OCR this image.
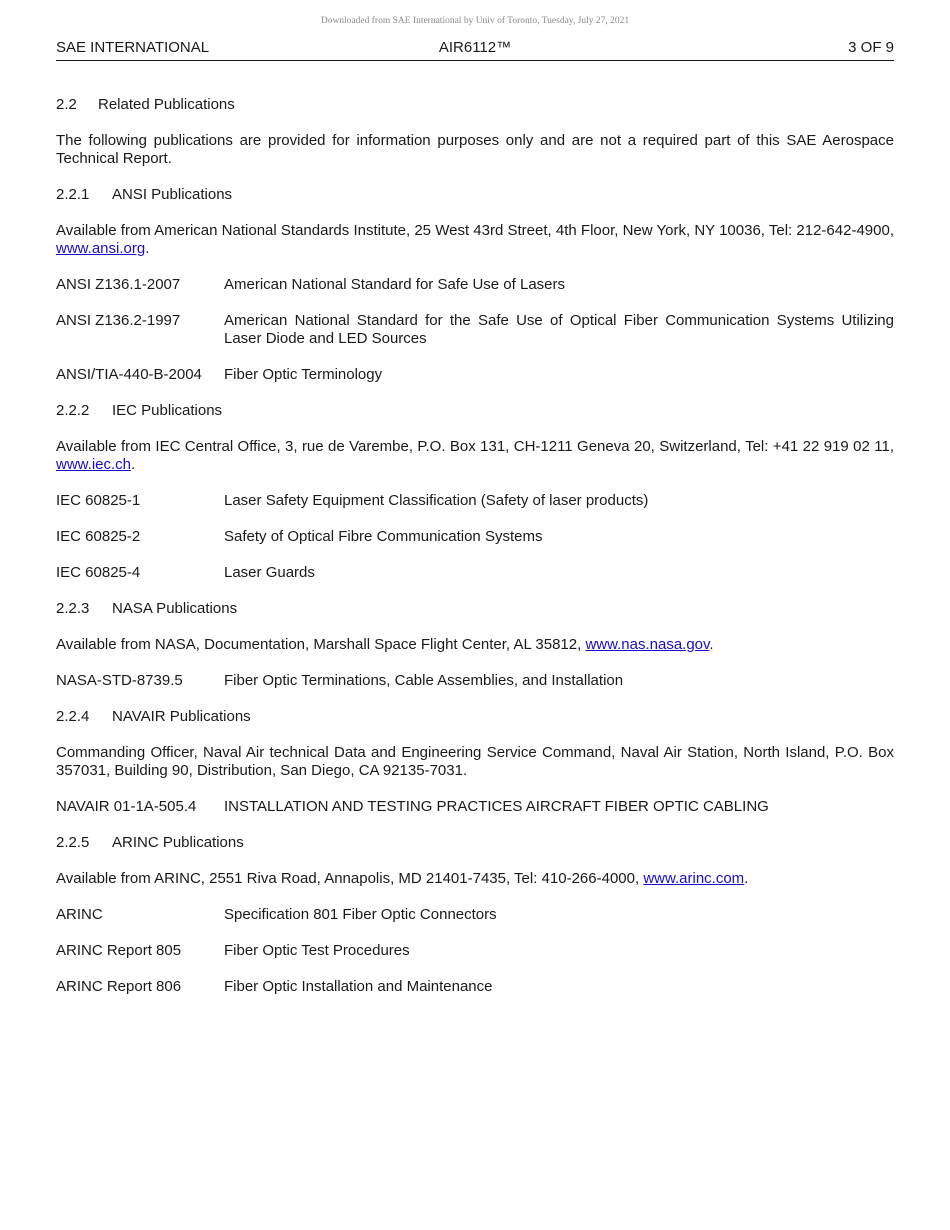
Downloaded from SAE International by Univ of Toronto, Tuesday, July 27, 2021
SAE INTERNATIONAL	AIR6112™	3 OF 9

2.2 Related Publications

The following publications are provided for information purposes only and are not a required part of this SAE Aerospace Technical Report.

2.2.1 ANSI Publications

Available from American National Standards Institute, 25 West 43rd Street, 4th Floor, New York, NY 10036, Tel: 212-642-4900, www.ansi.org.

ANSI Z136.1-2007	American National Standard for Safe Use of Lasers
ANSI Z136.2-1997	American National Standard for the Safe Use of Optical Fiber Communication Systems Utilizing Laser Diode and LED Sources
ANSI/TIA-440-B-2004	Fiber Optic Terminology

2.2.2 IEC Publications

Available from IEC Central Office, 3, rue de Varembe, P.O. Box 131, CH-1211 Geneva 20, Switzerland, Tel: +41 22 919 02 11, www.iec.ch.

IEC 60825-1	Laser Safety Equipment Classification (Safety of laser products)
IEC 60825-2	Safety of Optical Fibre Communication Systems
IEC 60825-4	Laser Guards

2.2.3 NASA Publications

Available from NASA, Documentation, Marshall Space Flight Center, AL 35812, www.nas.nasa.gov.

NASA-STD-8739.5	Fiber Optic Terminations, Cable Assemblies, and Installation

2.2.4 NAVAIR Publications

Commanding Officer, Naval Air technical Data and Engineering Service Command, Naval Air Station, North Island, P.O. Box 357031, Building 90, Distribution, San Diego, CA 92135-7031.

NAVAIR 01-1A-505.4	INSTALLATION AND TESTING PRACTICES AIRCRAFT FIBER OPTIC CABLING

2.2.5 ARINC Publications

Available from ARINC, 2551 Riva Road, Annapolis, MD 21401-7435, Tel: 410-266-4000, www.arinc.com.

ARINC	Specification 801 Fiber Optic Connectors
ARINC Report 805	Fiber Optic Test Procedures
ARINC Report 806	Fiber Optic Installation and Maintenance
